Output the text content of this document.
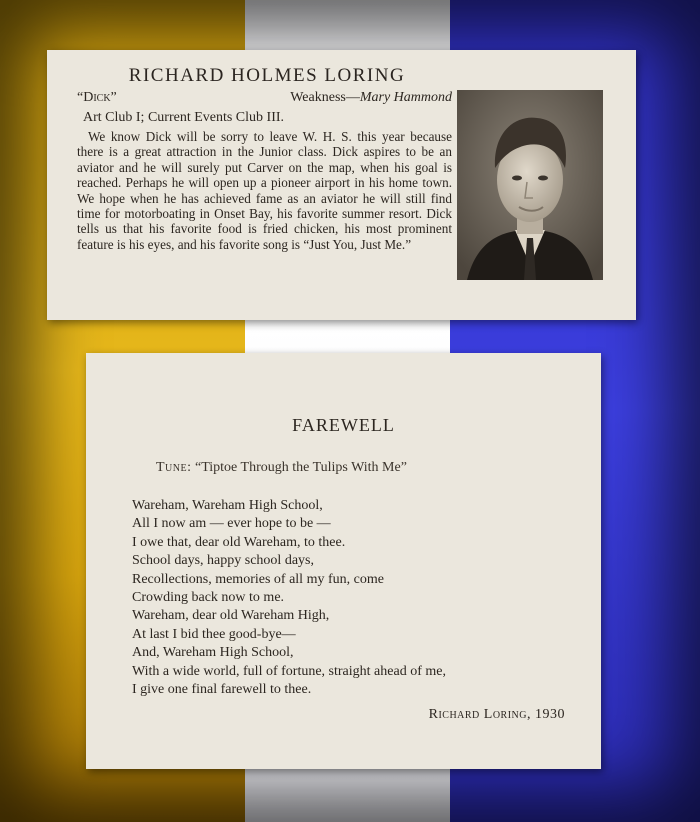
RICHARD HOLMES LORING
“Dick”	Weakness—Mary Hammond
Art Club I; Current Events Club III.

We know Dick will be sorry to leave W. H. S. this year because there is a great attraction in the Junior class. Dick aspires to be an aviator and he will surely put Carver on the map, when his goal is reached. Perhaps he will open up a pioneer airport in his home town. We hope when he has achieved fame as an aviator he will still find time for motorboating in Onset Bay, his favorite summer resort. Dick tells us that his favorite food is fried chicken, his most prominent feature is his eyes, and his favorite song is “Just You, Just Me.”

FAREWELL
Tune: “Tiptoe Through the Tulips With Me”
Wareham, Wareham High School,
All I now am — ever hope to be —
I owe that, dear old Wareham, to thee.
School days, happy school days,
Recollections, memories of all my fun, come
Crowding back now to me.
Wareham, dear old Wareham High,
At last I bid thee good-bye—
And, Wareham High School,
With a wide world, full of fortune, straight ahead of me,
I give one final farewell to thee.
Richard Loring, 1930
